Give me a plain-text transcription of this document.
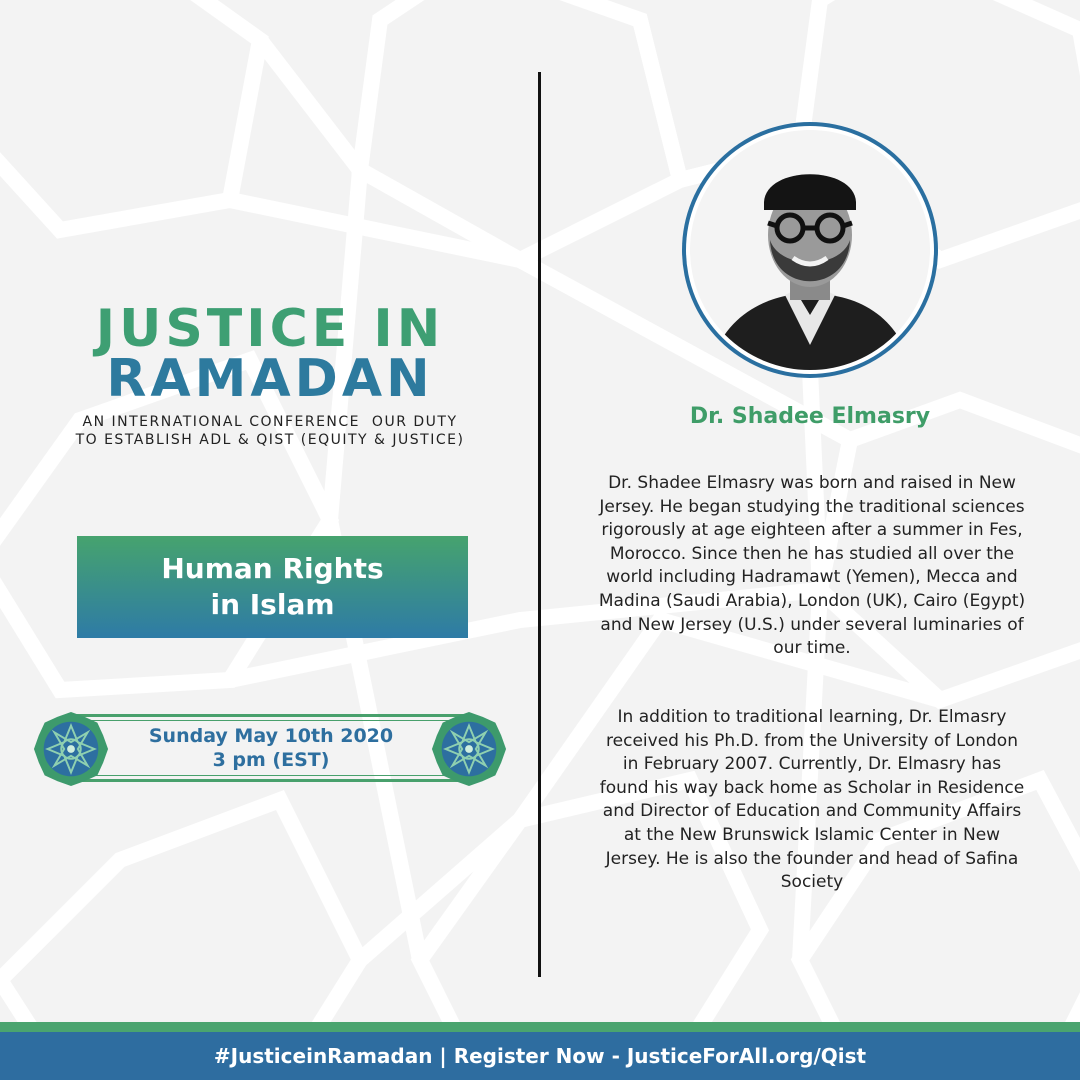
JUSTICE IN
RAMADAN
AN INTERNATIONAL CONFERENCE  OUR DUTY
TO ESTABLISH ADL & QIST (EQUITY & JUSTICE)
Human Rights
in Islam
Sunday May 10th 2020
3 pm (EST)
Dr. Shadee Elmasry

Dr. Shadee Elmasry was born and raised in New Jersey. He began studying the traditional sciences rigorously at age eighteen after a summer in Fes, Morocco. Since then he has studied all over the world including Hadramawt (Yemen), Mecca and Madina (Saudi Arabia), London (UK), Cairo (Egypt) and New Jersey (U.S.) under several luminaries of our time.

In addition to traditional learning, Dr. Elmasry received his Ph.D. from the University of London in February 2007. Currently, Dr. Elmasry has found his way back home as Scholar in Residence and Director of Education and Community Affairs at the New Brunswick Islamic Center in New Jersey. He is also the founder and head of Safina Society

#JusticeinRamadan | Register Now - JusticeForAll.org/Qist
